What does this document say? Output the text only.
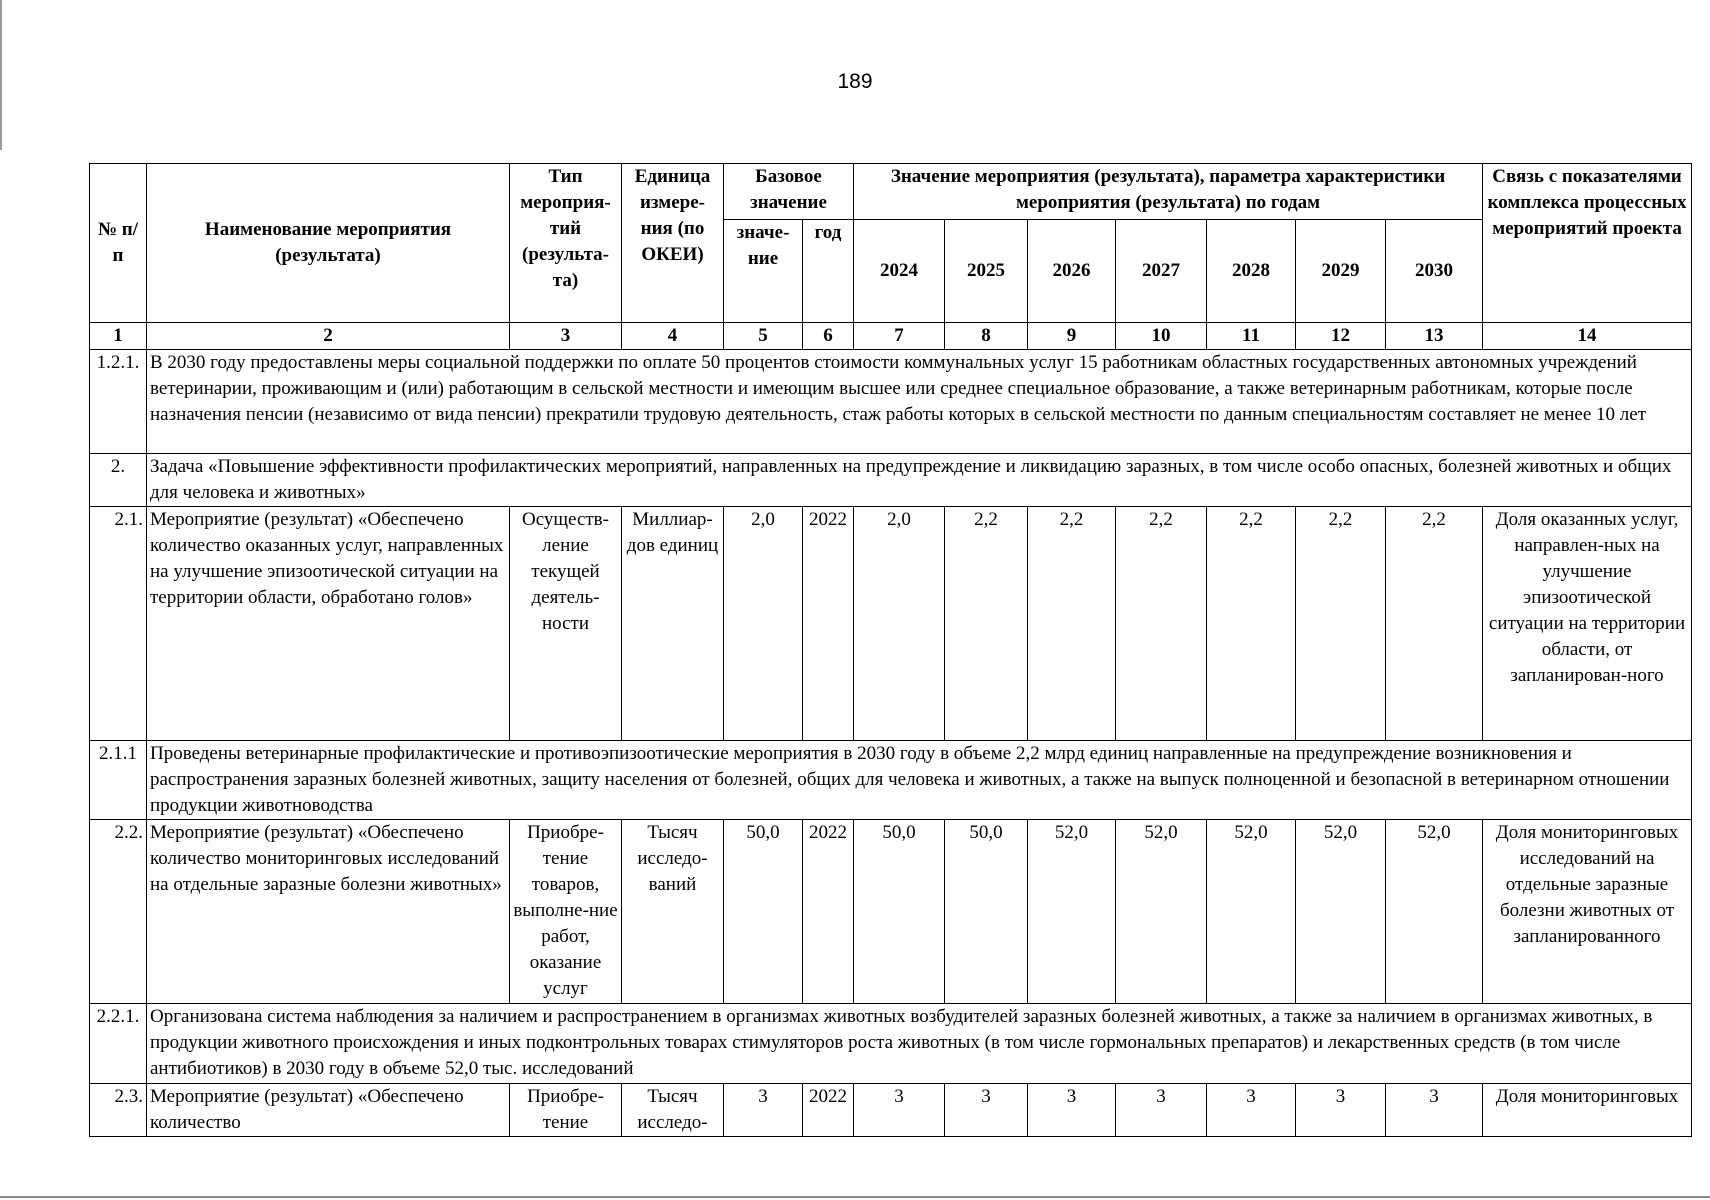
189
№ п/п	Наименование мероприятия (результата)	Тип мероприя-тий (результа-та)	Единица измере-ния (по ОКЕИ)	Базовое значение		Значение мероприятия (результата), параметра характеристики мероприятия (результата) по годам							Связь с показателями комплекса процессных мероприятий проекта
				значе-ние	год	2024	2025	2026	2027	2028	2029	2030	
1	2	3	4	5	6	7	8	9	10	11	12	13	14
1.2.1.	В 2030 году предоставлены меры социальной поддержки по оплате 50 процентов стоимости коммунальных услуг 15 работникам областных государственных автономных учреждений ветеринарии, проживающим и (или) работающим в сельской местности и имеющим высшее или среднее специальное образование, а также ветеринарным работникам, которые после назначения пенсии (независимо от вида пенсии) прекратили трудовую деятельность, стаж работы которых в сельской местности по данным специальностям составляет не менее 10 лет												
2.	Задача «Повышение эффективности профилактических мероприятий, направленных на предупреждение и ликвидацию заразных, в том числе особо опасных, болезней животных и общих для человека и животных»												
2.1.	Мероприятие (результат) «Обеспечено количество оказанных услуг, направленных на улучшение эпизоотической ситуации на территории области, обработано голов»	Осуществ-ление текущей деятель-ности	Миллиар-дов единиц	2,0	2022	2,0	2,2	2,2	2,2	2,2	2,2	2,2	Доля оказанных услуг, направлен-ных на улучшение эпизоотической ситуации на территории области, от запланирован-ного
2.1.1	Проведены ветеринарные профилактические и противоэпизоотические мероприятия в 2030 году в объеме 2,2 млрд единиц направленные на предупреждение возникновения и распространения заразных болезней животных, защиту населения от болезней, общих для человека и животных, а также на выпуск полноценной и безопасной в ветеринарном отношении продукции животноводства												
2.2.	Мероприятие (результат) «Обеспечено количество мониторинговых исследований на отдельные заразные болезни животных»	Приобре-тение товаров, выполне-ние работ, оказание услуг	Тысяч исследо-ваний	50,0	2022	50,0	50,0	52,0	52,0	52,0	52,0	52,0	Доля мониторинговых исследований на отдельные заразные болезни животных от запланированного
2.2.1.	Организована система наблюдения за наличием и распространением в организмах животных возбудителей заразных болезней животных, а также за наличием в организмах животных, в продукции животного происхождения и иных подконтрольных товарах стимуляторов роста животных (в том числе гормональных препаратов) и лекарственных средств (в том числе антибиотиков) в 2030 году в объеме 52,0 тыс. исследований												
2.3.	Мероприятие (результат) «Обеспечено количество	Приобре-тение	Тысяч исследо-	3	2022	3	3	3	3	3	3	3	Доля мониторинговых
